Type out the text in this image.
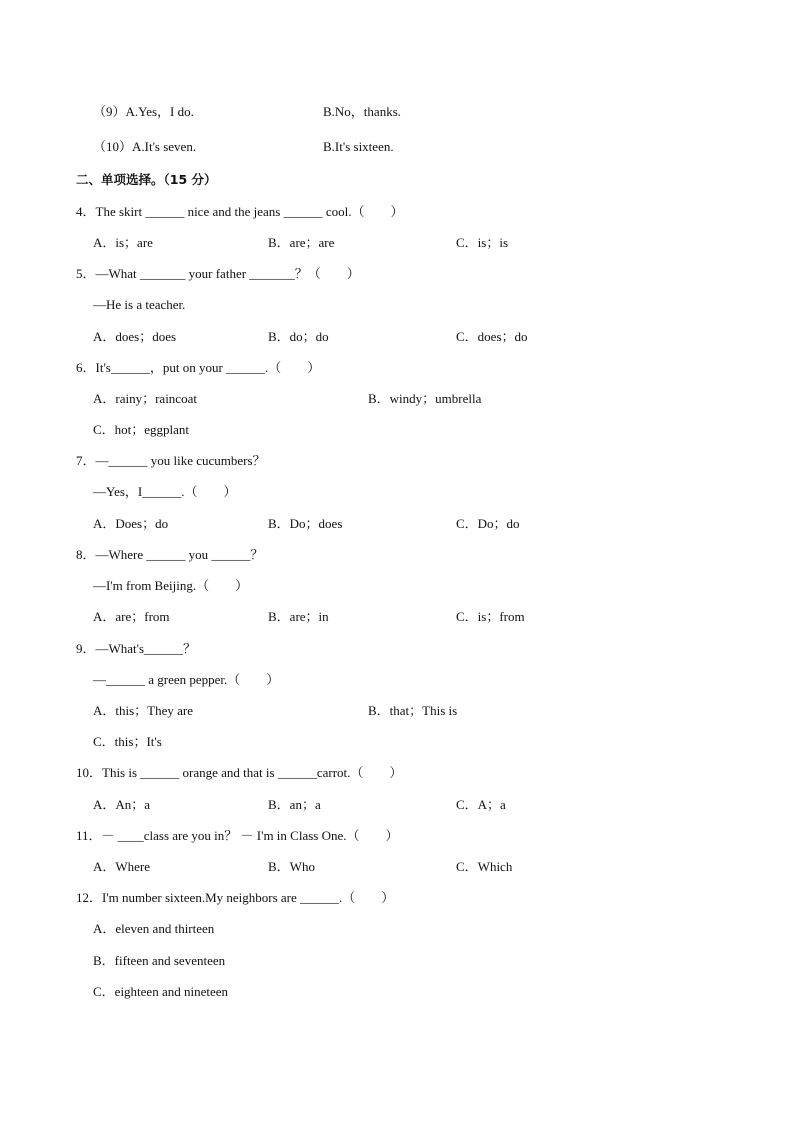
（9）A.Yes，I do.	B.No，thanks.
（10）A.It's seven.	B.It's sixteen.
二、单项选择。（15 分）
4．The skirt ______ nice and the jeans ______ cool.（　　）
A．is；are	B．are；are	C．is；is
5．—What _______ your father _______？（　　）
—He is a teacher.
A．does；does	B．do；do	C．does；do
6．It's______，put on your ______.（　　）
A．rainy；raincoat	B．windy；umbrella
C．hot；eggplant
7．—______ you like cucumbers？
—Yes，I______.（　　）
A．Does；do	B．Do；does	C．Do；do
8．—Where ______ you ______？
—I'm from Beijing.（　　）
A．are；from	B．are；in	C．is；from
9．—What's______？
—______ a green pepper.（　　）
A．this；They are	B．that；This is
C．this；It's
10．This is ______ orange and that is ______carrot.（　　）
A．An；a	B．an；a	C．A；a
11．－ ____class are you in？ － I'm in Class One.（　　）
A．Where	B．Who	C．Which
12．I'm number sixteen.My neighbors are ______.（　　）
A．eleven and thirteen
B．fifteen and seventeen
C．eighteen and nineteen
